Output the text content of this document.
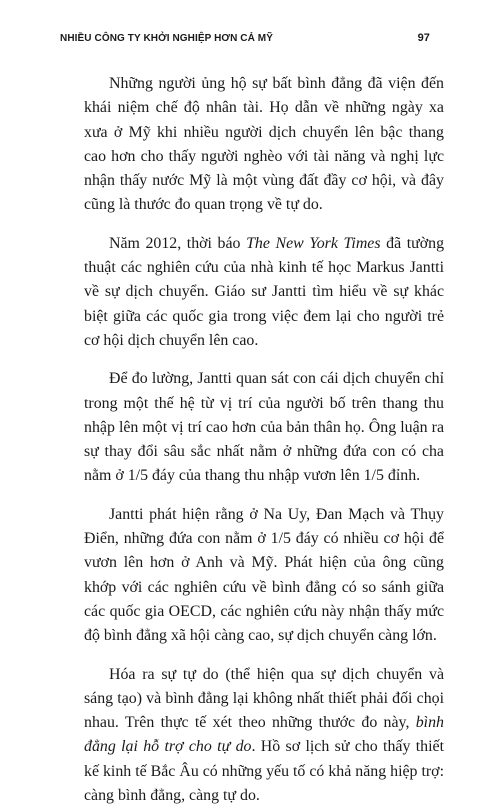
NHIỀU CÔNG TY KHỞI NGHIỆP HƠN CẢ MỸ	97

Những người ủng hộ sự bất bình đẳng đã viện đến khái niệm chế độ nhân tài. Họ dẫn về những ngày xa xưa ở Mỹ khi nhiều người dịch chuyển lên bậc thang cao hơn cho thấy người nghèo với tài năng và nghị lực nhận thấy nước Mỹ là một vùng đất đầy cơ hội, và đây cũng là thước đo quan trọng về tự do.

Năm 2012, thời báo The New York Times đã tường thuật các nghiên cứu của nhà kinh tế học Markus Jantti về sự dịch chuyển. Giáo sư Jantti tìm hiểu về sự khác biệt giữa các quốc gia trong việc đem lại cho người trẻ cơ hội dịch chuyển lên cao.

Để đo lường, Jantti quan sát con cái dịch chuyển chỉ trong một thế hệ từ vị trí của người bố trên thang thu nhập lên một vị trí cao hơn của bản thân họ. Ông luận ra sự thay đổi sâu sắc nhất nằm ở những đứa con có cha nằm ở 1/5 đáy của thang thu nhập vươn lên 1/5 đỉnh.

Jantti phát hiện rằng ở Na Uy, Đan Mạch và Thụy Điển, những đứa con nằm ở 1/5 đáy có nhiều cơ hội để vươn lên hơn ở Anh và Mỹ. Phát hiện của ông cũng khớp với các nghiên cứu về bình đẳng có so sánh giữa các quốc gia OECD, các nghiên cứu này nhận thấy mức độ bình đẳng xã hội càng cao, sự dịch chuyển càng lớn.

Hóa ra sự tự do (thể hiện qua sự dịch chuyển và sáng tạo) và bình đẳng lại không nhất thiết phải đối chọi nhau. Trên thực tế xét theo những thước đo này, bình đẳng lại hỗ trợ cho tự do. Hồ sơ lịch sử cho thấy thiết kế kinh tế Bắc Âu có những yếu tố có khả năng hiệp trợ: càng bình đẳng, càng tự do.
